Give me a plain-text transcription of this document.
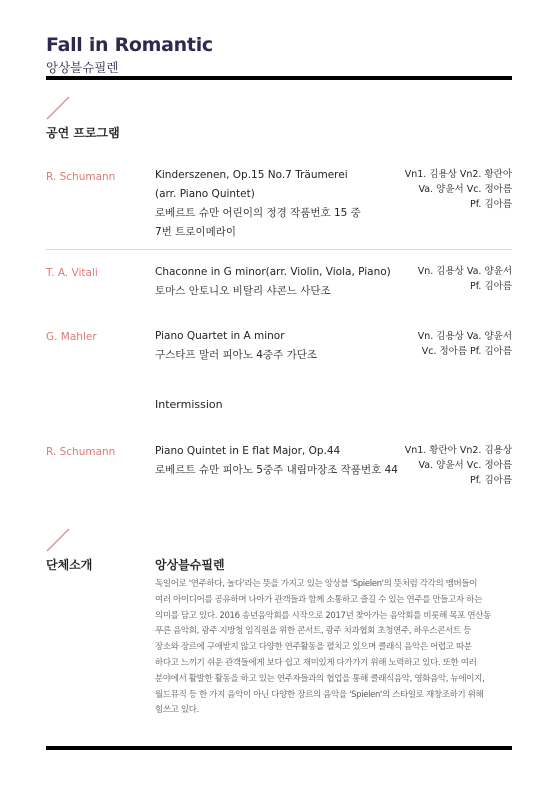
Fall in Romantic
앙상블슈필렌
공연 프로그램
R. Schumann	Kinderszenen, Op.15 No.7 Träumerei
(arr. Piano Quintet)
로베르트 슈만 어린이의 정경 작품번호 15 중
7번 트로이메라이
Vn1. 김용상 Vn2. 황란아
Va. 양윤서 Vc. 정아름
Pf. 김아름
T. A. Vitali	Chaconne in G minor(arr. Violin, Viola, Piano)
토마스 안토니오 비탈리 샤콘느 사단조
Vn. 김용상 Va. 양윤서
Pf. 김아름
G. Mahler	Piano Quartet in A minor
구스타프 말러 피아노 4중주 가단조
Vn. 김용상 Va. 양윤서
Vc. 정아름 Pf. 김아름
Intermission
R. Schumann	Piano Quintet in E flat Major, Op.44
로베르트 슈만 피아노 5중주 내림마장조 작품번호 44
Vn1. 황란아 Vn2. 김용상
Va. 양윤서 Vc. 정아름
Pf. 김아름
단체소개	앙상블슈필렌
독일어로 '연주하다, 놀다'라는 뜻을 가지고 있는 앙상블 'Spielen'의 뜻처럼 각각의 멤버들이
여러 아이디어를 공유하며 나아가 관객들과 함께 소통하고 즐길 수 있는 연주를 만들고자 하는
의미를 담고 있다. 2016 송년음악회를 시작으로 2017년 찾아가는 음악회를 비롯해 목포 연산동
푸른 음악회, 광주 지방청 임직원을 위한 콘서트, 광주 치과협회 초청연주, 하우스콘서트 등
장소와 장르에 구애받지 않고 다양한 연주활동을 펼치고 있으며 클래식 음악은 어렵고 따분
하다고 느끼기 쉬운 관객들에게 보다 쉽고 재미있게 다가가기 위해 노력하고 있다. 또한 여러
분야에서 활발한 활동을 하고 있는 연주자들과의 협업을 통해 클래식음악, 영화음악, 뉴에이지,
월드뮤직 등 한 가지 음악이 아닌 다양한 장르의 음악을 'Spielen'의 스타일로 재창조하기 위해
힘쓰고 있다.
